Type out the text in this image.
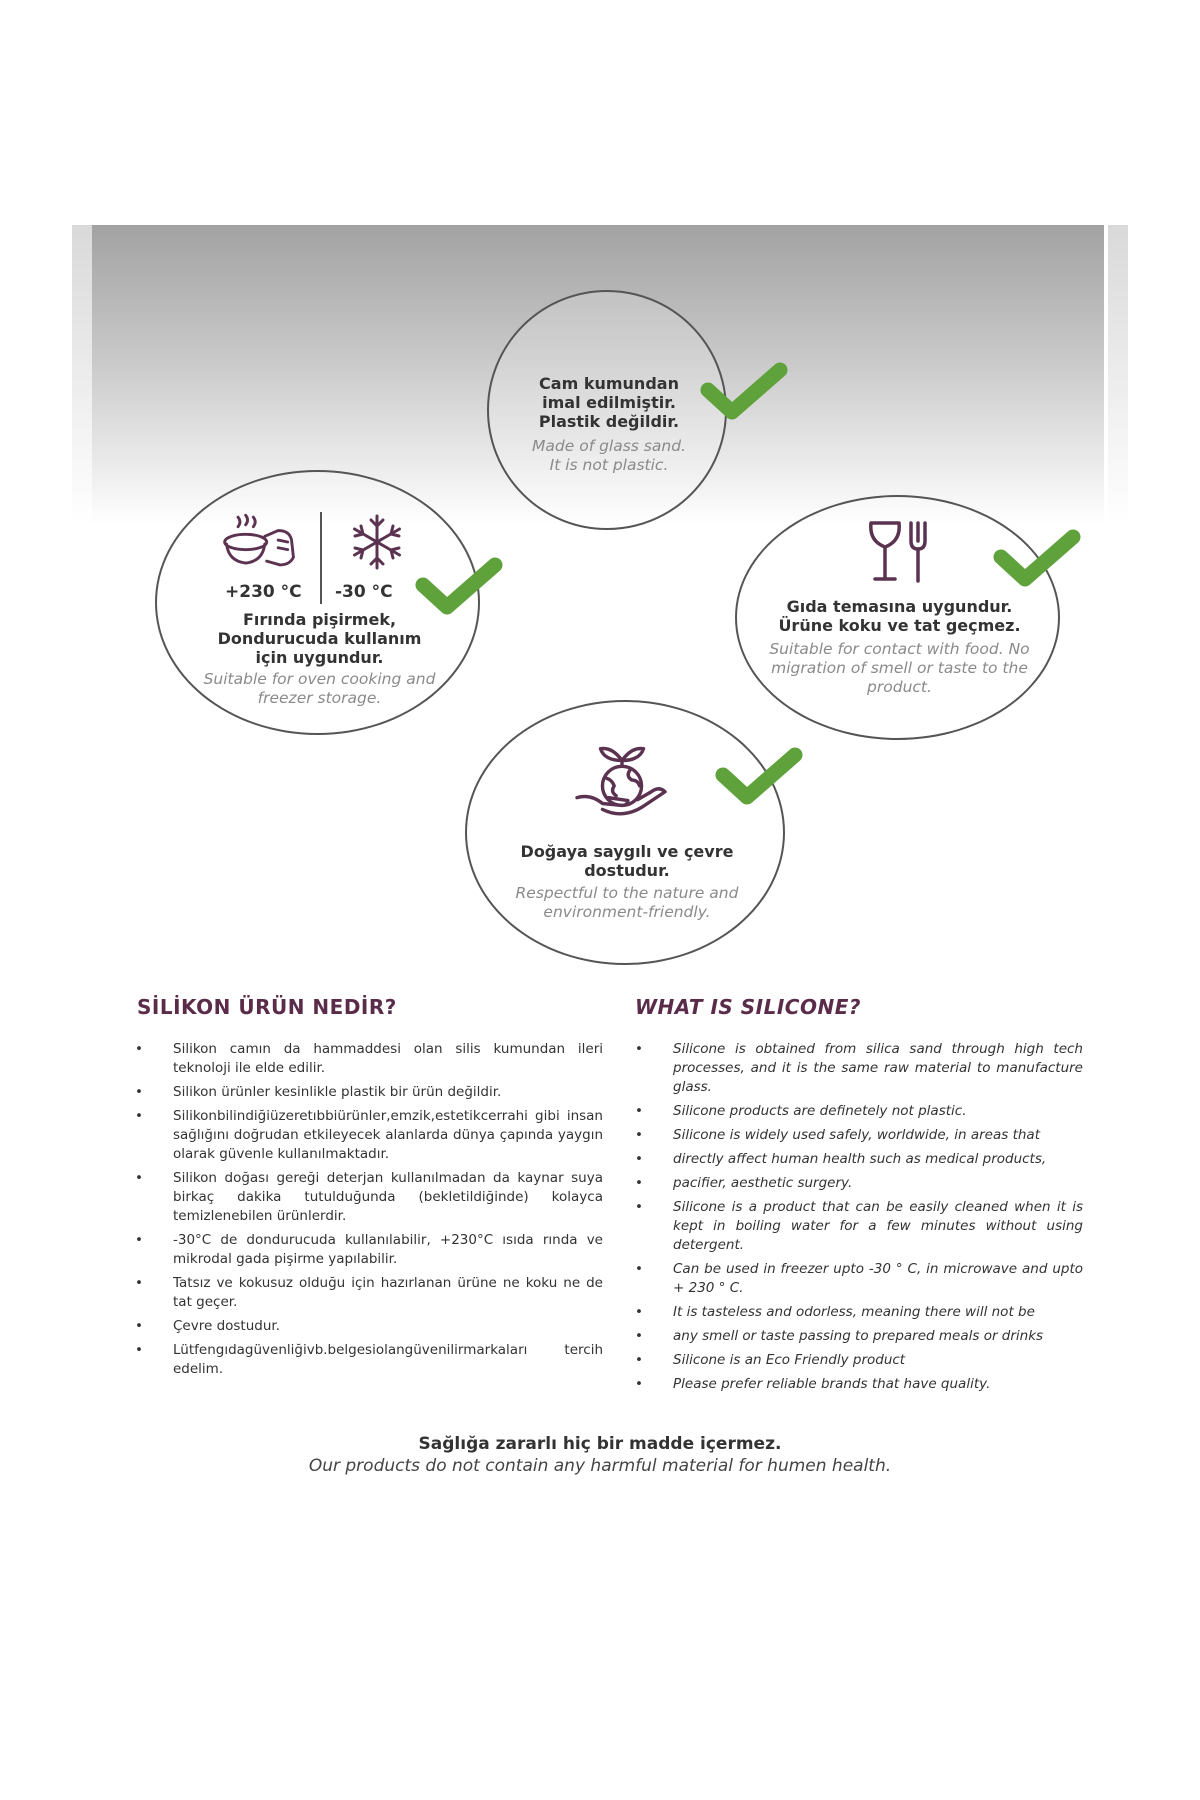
Cam kumundan imal edilmiştir. Plastik değildir.
Made of glass sand. It is not plastic.
+230 °C -30 °C
Fırında pişirmek, Dondurucuda kullanım için uygundur.
Suitable for oven cooking and freezer storage.
Gıda temasına uygundur. Ürüne koku ve tat geçmez.
Suitable for contact with food. No migration of smell or taste to the product.
Doğaya saygılı ve çevre dostudur.
Respectful to the nature and environment-friendly.
SİLİKON ÜRÜN NEDİR?
• Silikon camın da hammaddesi olan silis kumundan ileri teknoloji ile elde edilir.
• Silikon ürünler kesinlikle plastik bir ürün değildir.
• Silikonbilindiğiüzeretıbbiürünler,emzik,estetikcerrahi gibi insan sağlığını doğrudan etkileyecek alanlarda dünya çapında yaygın olarak güvenle kullanılmaktadır.
• Silikon doğası gereği deterjan kullanılmadan da kaynar suya birkaç dakika tutulduğunda (bekletildiğinde) kolayca temizlenebilen ürünlerdir.
• -30°C de dondurucuda kullanılabilir, +230°C ısıda rında ve mikrodal gada pişirme yapılabilir.
• Tatsız ve kokusuz olduğu için hazırlanan ürüne ne koku ne de tat geçer.
• Çevre dostudur.
• Lütfengıdagüvenliğivb.belgesiolangüvenilirmarkaları tercih edelim.
WHAT IS SILICONE?
• Silicone is obtained from silica sand through high tech processes, and it is the same raw material to manufacture glass.
• Silicone products are definetely not plastic.
• Silicone is widely used safely, worldwide, in areas that
• directly affect human health such as medical products,
• pacifier, aesthetic surgery.
• Silicone is a product that can be easily cleaned when it is kept in boiling water for a few minutes without using detergent.
• Can be used in freezer upto -30 ° C, in microwave and upto + 230 ° C.
• It is tasteless and odorless, meaning there will not be
• any smell or taste passing to prepared meals or drinks
• Silicone is an Eco Friendly product
• Please prefer reliable brands that have quality.
Sağlığa zararlı hiç bir madde içermez.
Our products do not contain any harmful material for humen health.
